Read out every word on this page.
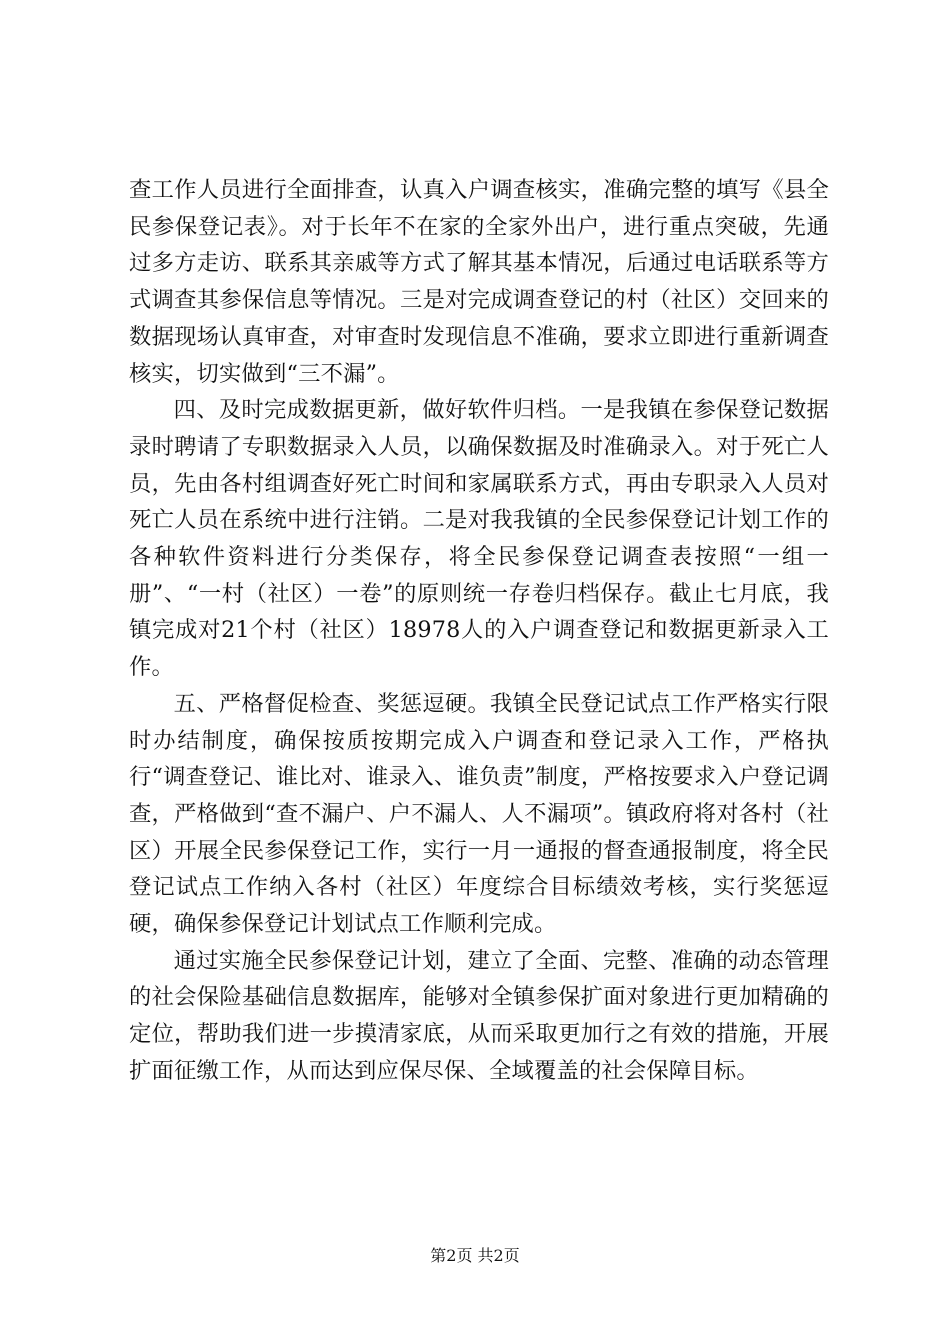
查工作人员进行全面排查，认真入户调查核实，准确完整的填写《县全民参保登记表》。对于长年不在家的全家外出户，进行重点突破，先通过多方走访、联系其亲戚等方式了解其基本情况，后通过电话联系等方式调查其参保信息等情况。三是对完成调查登记的村（社区）交回来的数据现场认真审查，对审查时发现信息不准确，要求立即进行重新调查核实，切实做到“三不漏”。

四、及时完成数据更新，做好软件归档。一是我镇在参保登记数据录时聘请了专职数据录入人员，以确保数据及时准确录入。对于死亡人员，先由各村组调查好死亡时间和家属联系方式，再由专职录入人员对死亡人员在系统中进行注销。二是对我我镇的全民参保登记计划工作的各种软件资料进行分类保存，将全民参保登记调查表按照“一组一册”、“一村（社区）一卷”的原则统一存卷归档保存。截止七月底，我镇完成对21个村（社区）18978人的入户调查登记和数据更新录入工作。

五、严格督促检查、奖惩逗硬。我镇全民登记试点工作严格实行限时办结制度，确保按质按期完成入户调查和登记录入工作，严格执行“调查登记、谁比对、谁录入、谁负责”制度，严格按要求入户登记调查，严格做到“查不漏户、户不漏人、人不漏项”。镇政府将对各村（社区）开展全民参保登记工作，实行一月一通报的督查通报制度，将全民登记试点工作纳入各村（社区）年度综合目标绩效考核，实行奖惩逗硬，确保参保登记计划试点工作顺利完成。

通过实施全民参保登记计划，建立了全面、完整、准确的动态管理的社会保险基础信息数据库，能够对全镇参保扩面对象进行更加精确的定位，帮助我们进一步摸清家底，从而采取更加行之有效的措施，开展扩面征缴工作，从而达到应保尽保、全域覆盖的社会保障目标。

第2页 共2页
